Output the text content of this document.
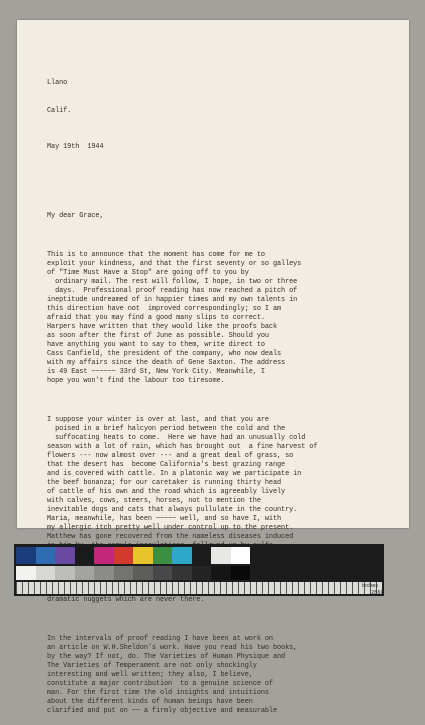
Llano

Calif.

May 19th  1944

My dear Grace,

This is to announce that the moment has come for me to
exploit your kindness, and that the first seventy or so galleys
of "Time Must Have a Stop" are going off to you by
ordinary mail. The rest will follow, I hope, in two or three
days.  Professional proof reading has now reached a pitch of
ineptitude undreamed of in happier times and my own talents in
this direction have not  improved correspondingly; so I am
afraid that you may find a good many slips to correct.
Harpers have written that they would like the proofs back
as soon after the first of June as possible. Should you
have anything you want to say to them, write direct to
Cass Canfield, the president of the company, who now deals
with my affairs since the death of Gene Saxton. The address
is 49 East ~~~~~~ 33rd St, New York City. Meanwhile, I
hope you won't find the labour too tiresome.

I suppose your winter is over at last, and that you are
poised in a brief halcyon period between the cold and the
suffocating heats to come.  Here we have had an unusually cold
season with a lot of rain, which has brought out  a fine harvest of
flowers --- now almost over --- and a great deal of grass, so
that the desert has  become California's best grazing range
and is covered with cattle. In a platonic way we participate in
the beef bonanza; for our caretaker is running thirty head
of cattle of his own and the road which is agreeably lively
with calves, cows, steers, horses, not to mention the
inevitable dogs and cats that always pullulate in the country.
Maria, meanwhile, has been ~~~~~ well, and so have I, with
my allergic itch pretty well under control up to the present.
Matthew has gone recovered from the nameless diseases induced
dramatic nuggets which are never there.

In the intervals of proof reading I have been at work on
an article on W.H.Sheldon's work. Have you read his two books,
by the way? If not, do. The Varieties of Human Physique and
The Varieties of Temperament are not only shockingly
interesting and well written; they also, I believe,
constitute a major contribution  to a genuine science of
man. For the first time the old insights and intuitions
about the different kinds of human beings have been
clarified and put on ~~ a firmly objective and measurable

inches
2860
